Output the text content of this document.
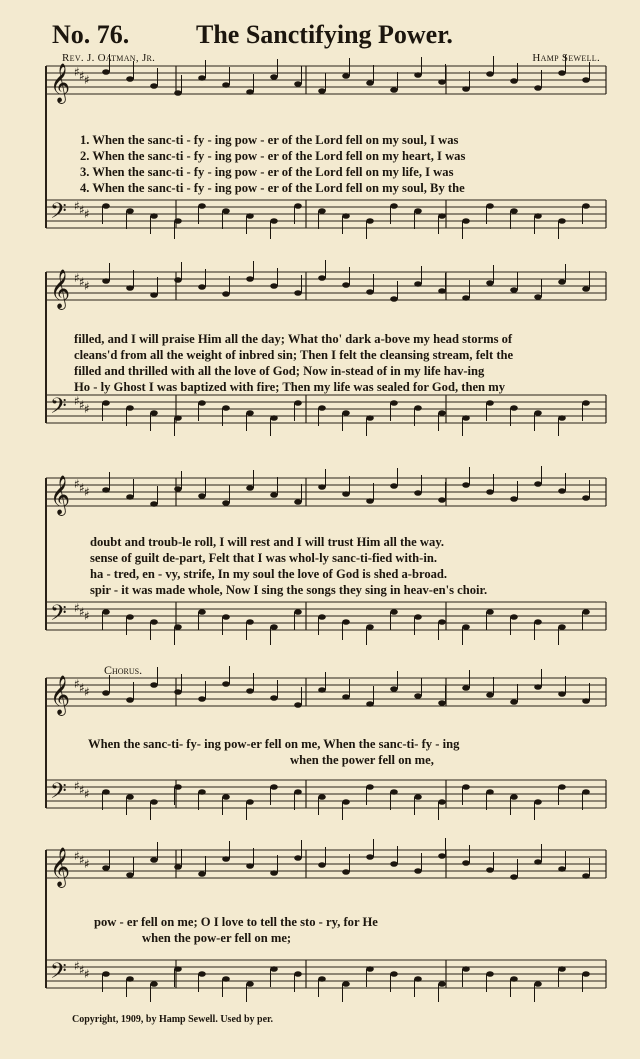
𝄞 ♯ ♯ ♯
𝄢 ♯ ♯ ♯
𝄞 ♯ ♯ ♯
𝄢 ♯ ♯ ♯
𝄞 ♯ ♯ ♯
𝄢 ♯ ♯ ♯
𝄞 ♯ ♯ ♯
𝄢 ♯ ♯ ♯
𝄞 ♯ ♯ ♯
𝄢 ♯ ♯ ♯
No. 76.	The Sanctifying Power.
Rev. J. Oatman, Jr.	Hamp Sewell.
1. When the sanc-ti - fy - ing pow - er of the Lord fell on my soul, I was
2. When the sanc-ti - fy - ing pow - er of the Lord fell on my heart, I was
3. When the sanc-ti - fy - ing pow - er of the Lord fell on my life, I was
4. When the sanc-ti - fy - ing pow - er of the Lord fell on my soul, By the
filled, and I will praise Him all the day; What tho' dark a-bove my head storms of
cleans'd from all the weight of inbred sin; Then I felt the cleansing stream, felt the
filled and thrilled with all the love of God; Now in-stead of in my life hav-ing
Ho - ly Ghost I was baptized with fire; Then my life was sealed for God, then my
doubt and troub-le roll, I will rest and I will trust Him all the way.
sense of guilt de-part, Felt that I was whol-ly sanc-ti-fied with-in.
ha - tred, en - vy, strife, In my soul the love of God is shed a-broad.
spir - it was made whole, Now I sing the songs they sing in heav-en's choir.
Chorus.
When the sanc-ti- fy- ing pow-er fell on me, When the sanc-ti- fy - ing
when the power fell on me,
pow - er fell on me; O I love to tell the sto - ry, for He
when the pow-er fell on me;
Copyright, 1909, by Hamp Sewell. Used by per.
